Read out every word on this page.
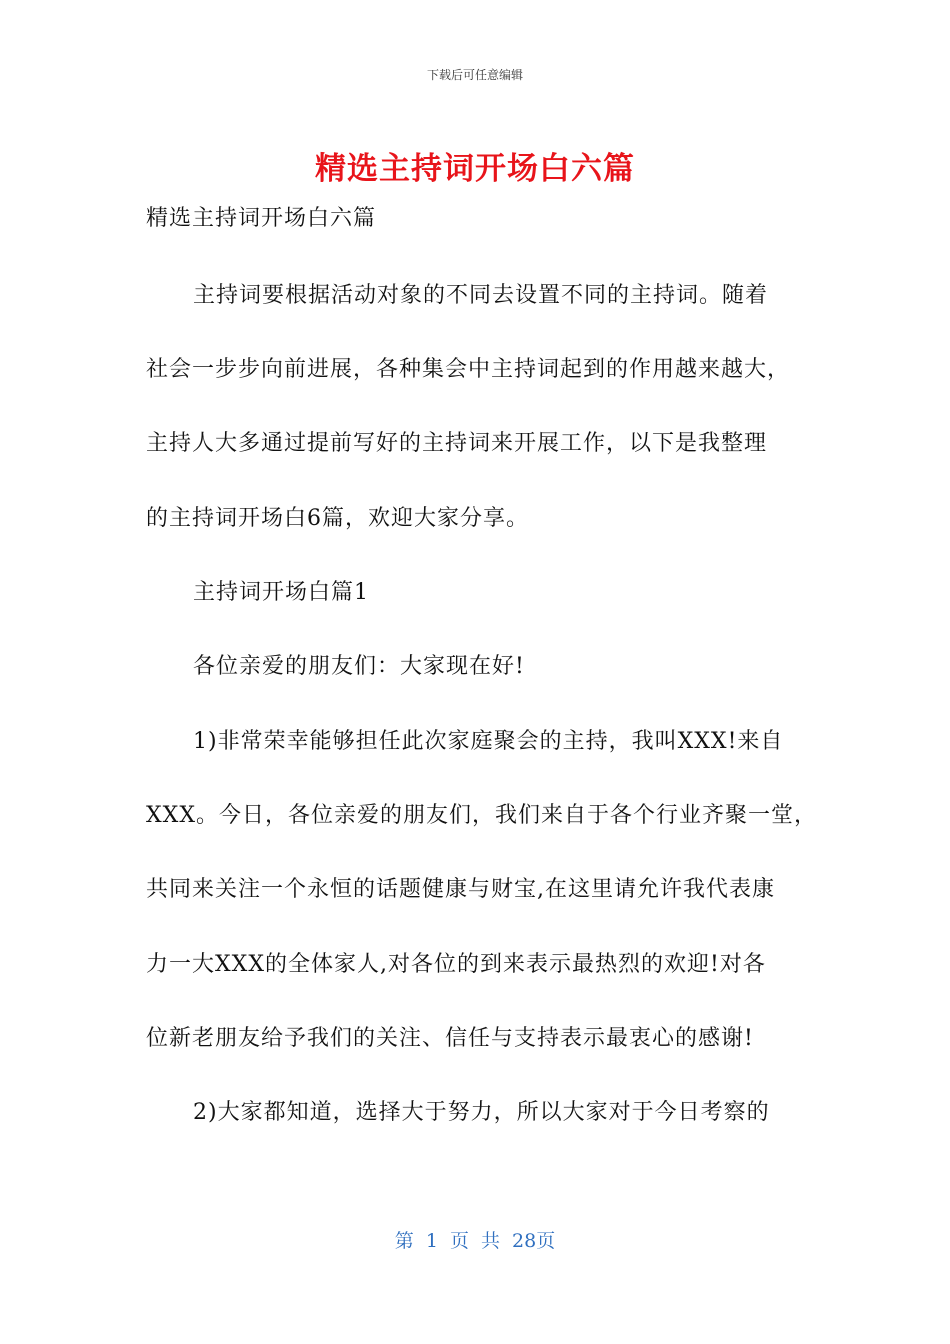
下载后可任意编辑
精选主持词开场白六篇
精选主持词开场白六篇
主持词要根据活动对象的不同去设置不同的主持词。随着
社会一步步向前进展，各种集会中主持词起到的作用越来越大，
主持人大多通过提前写好的主持词来开展工作，以下是我整理
的主持词开场白6篇，欢迎大家分享。
主持词开场白篇1
各位亲爱的朋友们：大家现在好!
1)非常荣幸能够担任此次家庭聚会的主持，我叫XXX!来自
XXX。今日，各位亲爱的朋友们，我们来自于各个行业齐聚一堂，
共同来关注一个永恒的话题健康与财宝,在这里请允许我代表康
力一大XXX的全体家人,对各位的到来表示最热烈的欢迎!对各
位新老朋友给予我们的关注、信任与支持表示最衷心的感谢!
2)大家都知道，选择大于努力，所以大家对于今日考察的
第 1 页 共 28页
